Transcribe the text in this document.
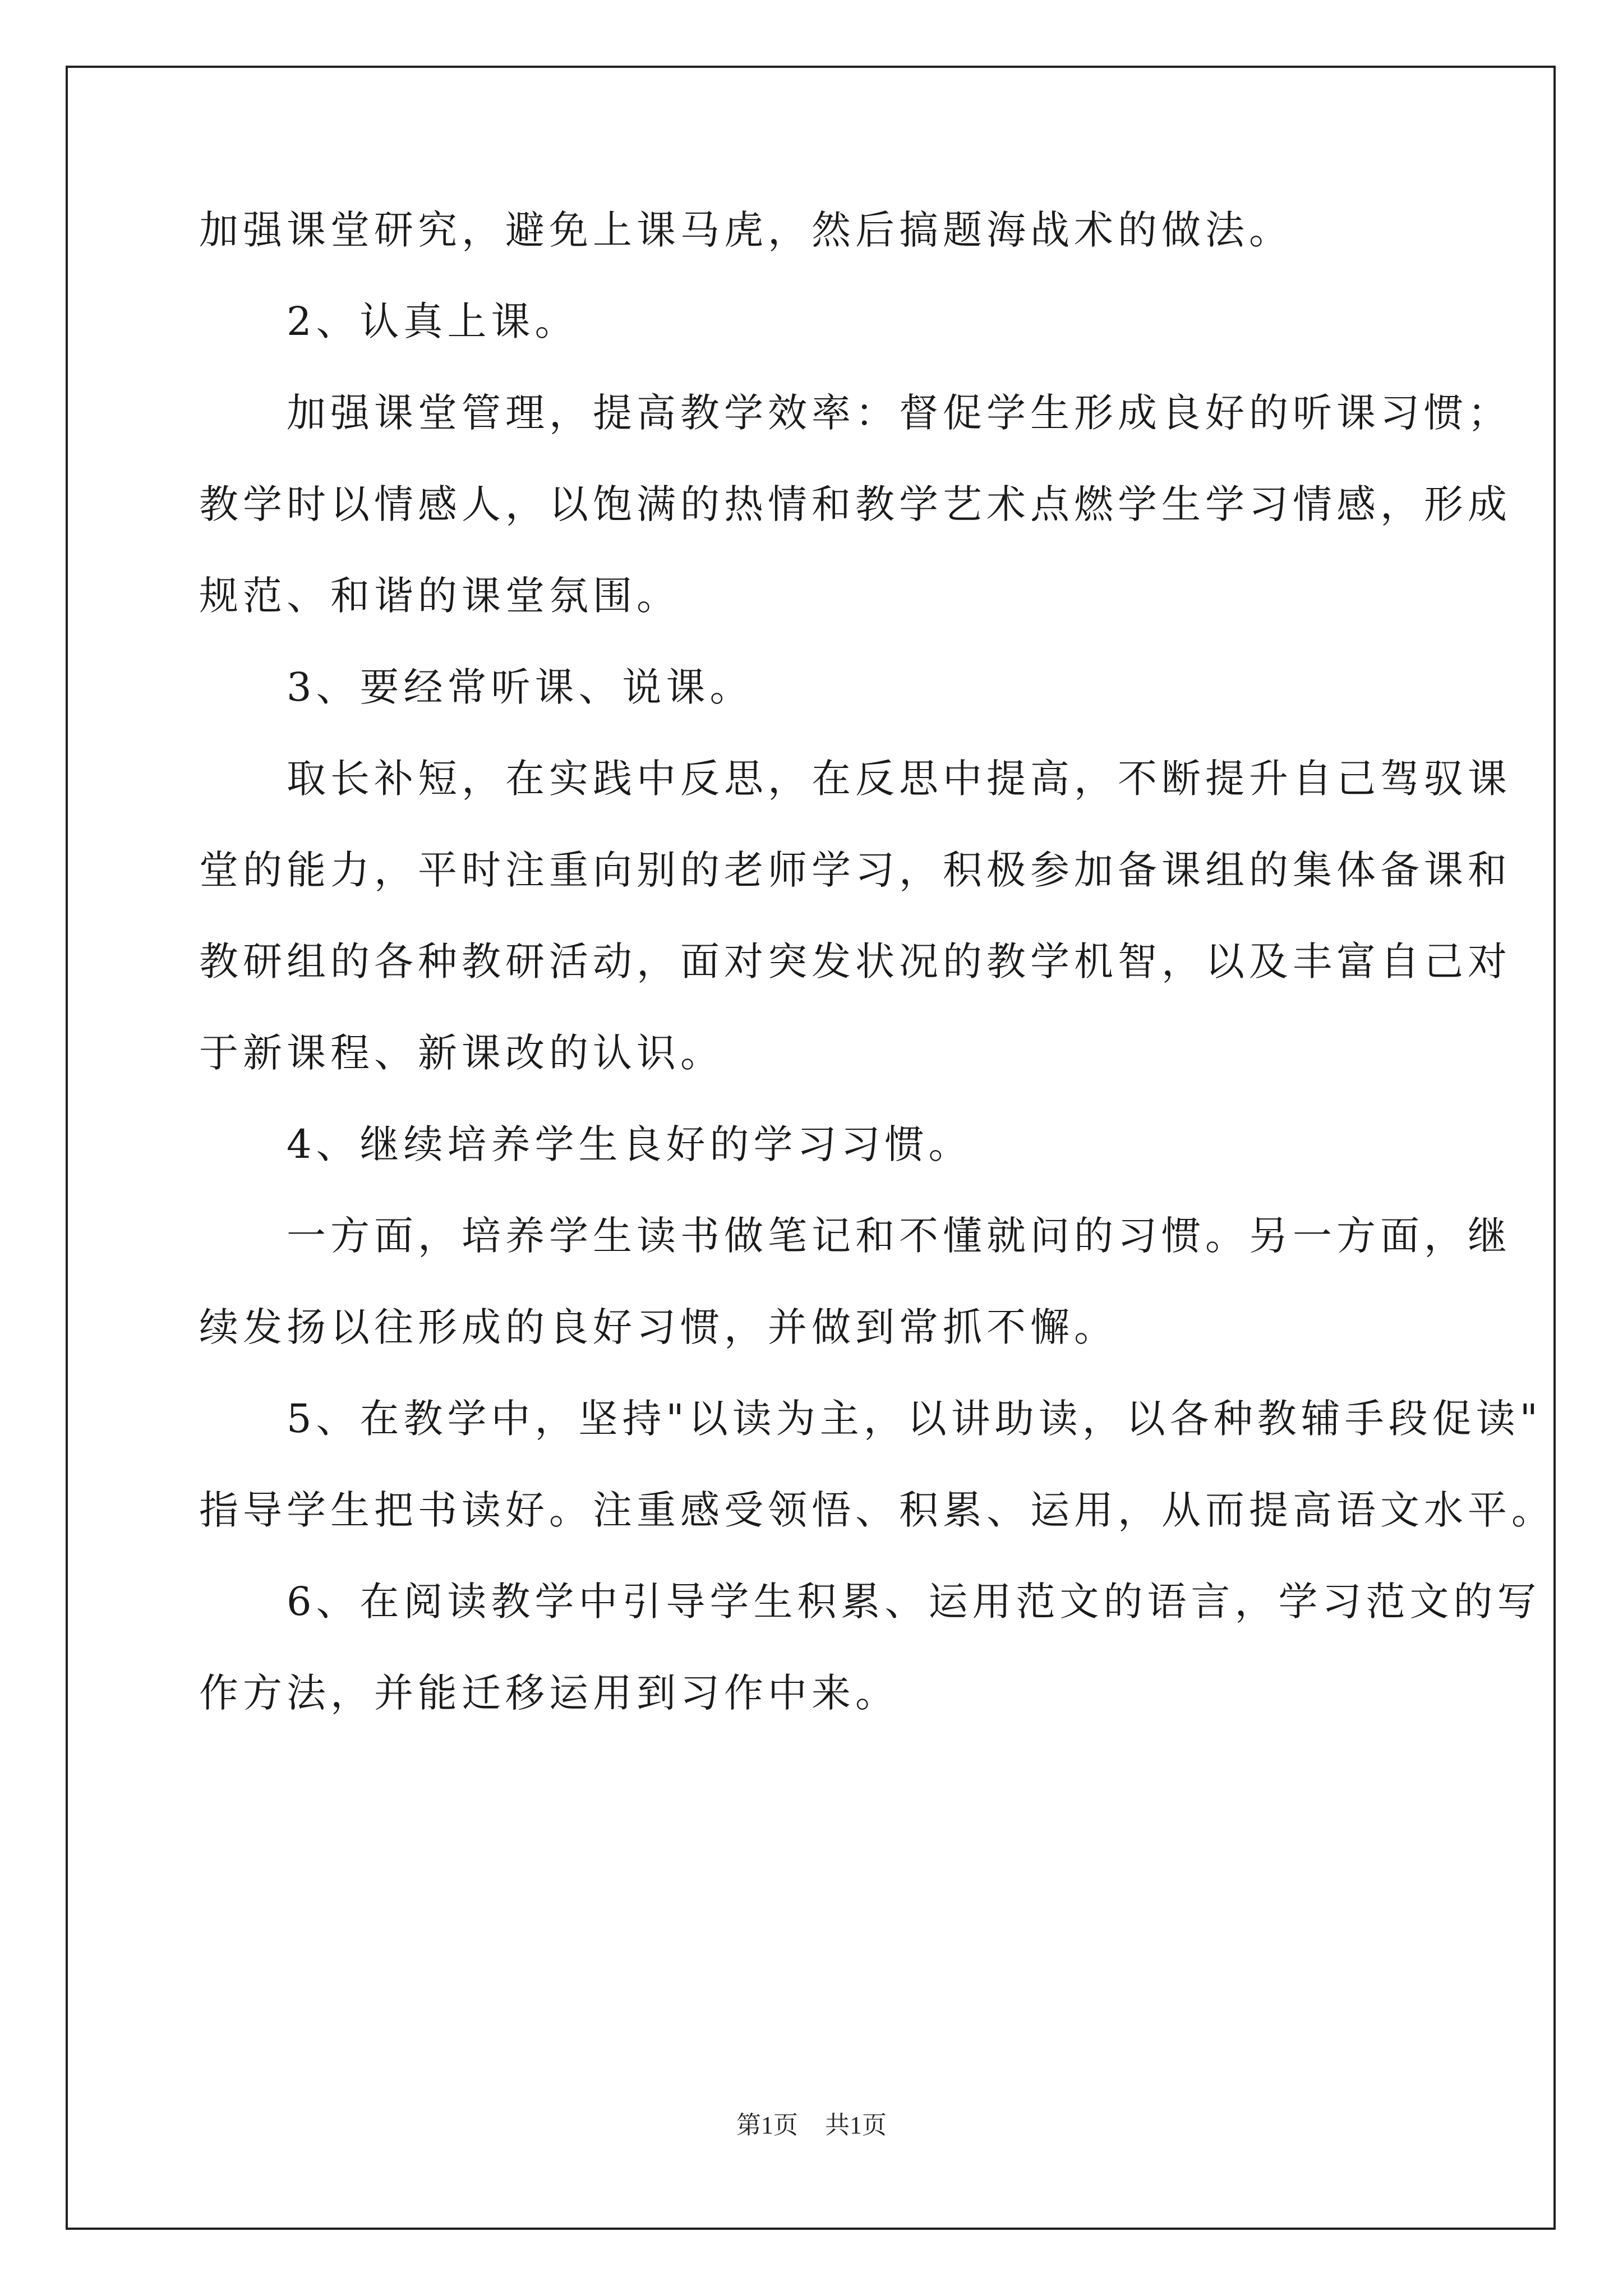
加强课堂研究，避免上课马虎，然后搞题海战术的做法。
　　2、认真上课。
　　加强课堂管理，提高教学效率：督促学生形成良好的听课习惯；
教学时以情感人，以饱满的热情和教学艺术点燃学生学习情感，形成
规范、和谐的课堂氛围。
　　3、要经常听课、说课。
　　取长补短，在实践中反思，在反思中提高，不断提升自己驾驭课
堂的能力，平时注重向别的老师学习，积极参加备课组的集体备课和
教研组的各种教研活动，面对突发状况的教学机智，以及丰富自己对
于新课程、新课改的认识。
　　4、继续培养学生良好的学习习惯。
　　一方面，培养学生读书做笔记和不懂就问的习惯。另一方面，继
续发扬以往形成的良好习惯，并做到常抓不懈。
　　5、在教学中，坚持"以读为主，以讲助读，以各种教辅手段促读"
指导学生把书读好。注重感受领悟、积累、运用，从而提高语文水平。
　　6、在阅读教学中引导学生积累、运用范文的语言，学习范文的写
作方法，并能迁移运用到习作中来。
第1页 共1页
